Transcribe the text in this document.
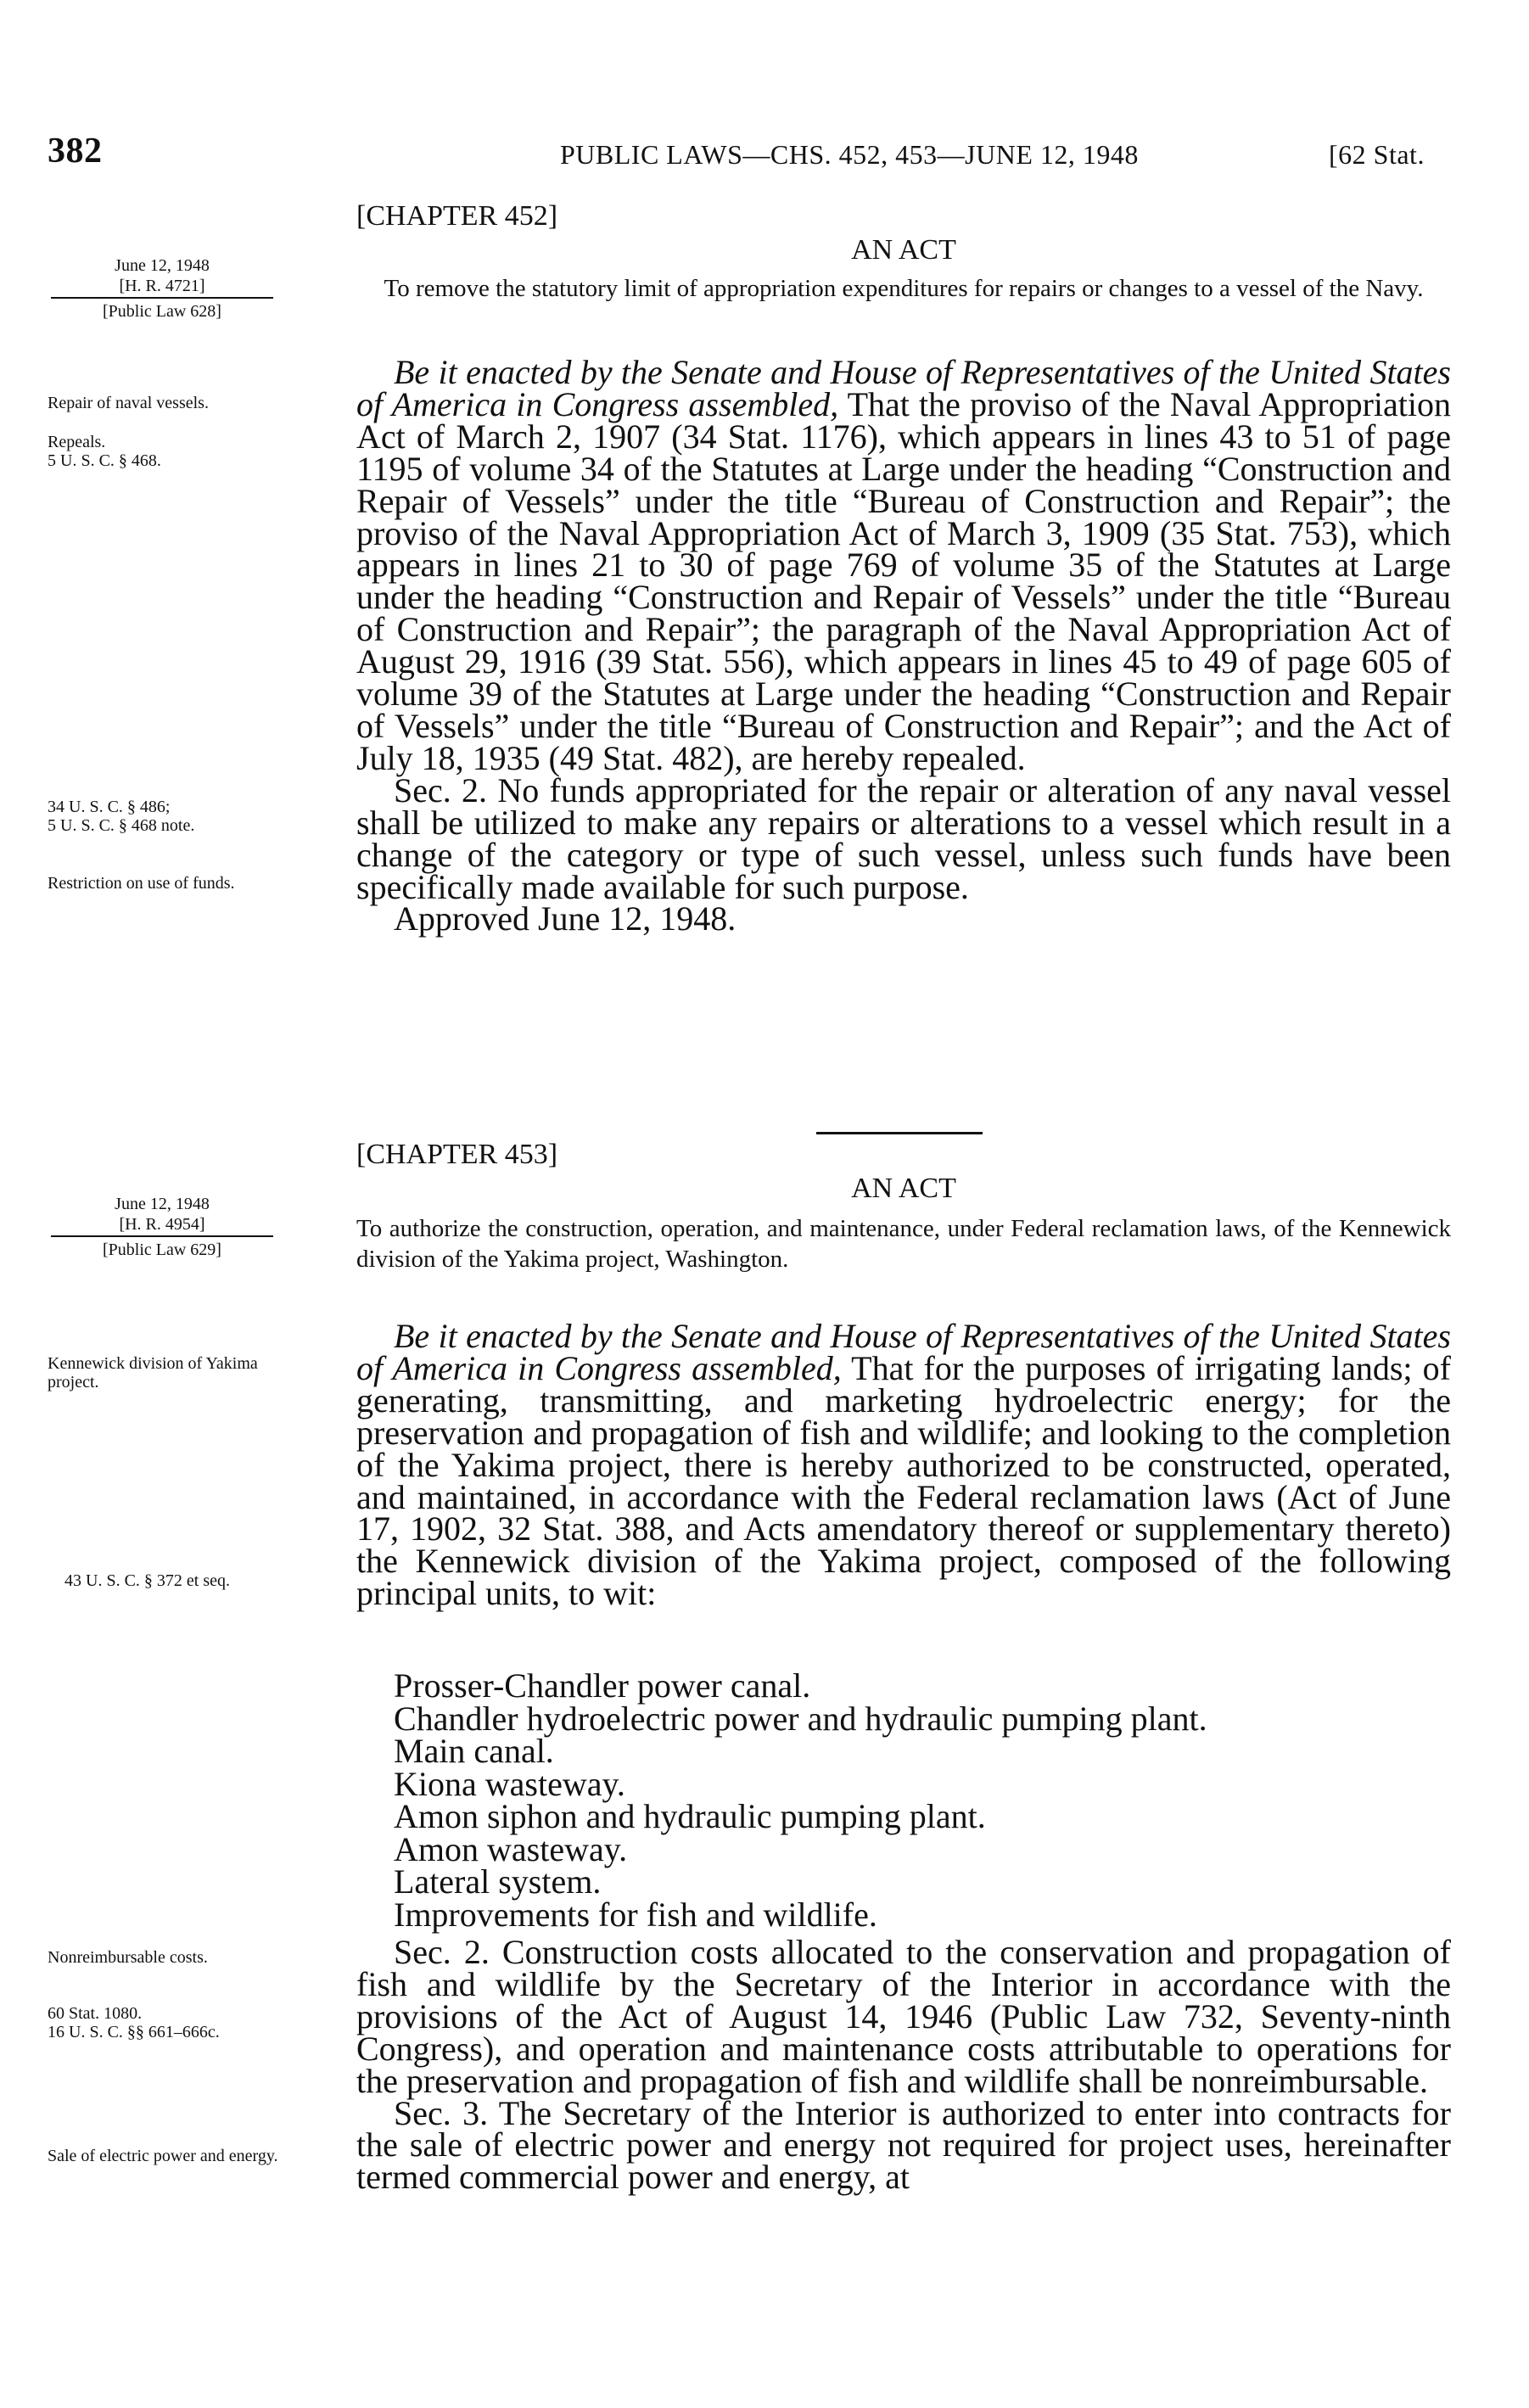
382	PUBLIC LAWS—CHS. 452, 453—JUNE 12, 1948	[62 Stat.
[CHAPTER 452]
AN ACT
June 12, 1948
[H. R. 4721]
[Public Law 628]
To remove the statutory limit of appropriation expenditures for repairs or changes to a vessel of the Navy.
Repair of naval vessels.
Repeals.
5 U. S. C. § 468.
34 U. S. C. § 486;
5 U. S. C. § 468 note.
Restriction on use of funds.

Be it enacted by the Senate and House of Representatives of the United States of America in Congress assembled, That the proviso of the Naval Appropriation Act of March 2, 1907 (34 Stat. 1176), which appears in lines 43 to 51 of page 1195 of volume 34 of the Statutes at Large under the heading “Construction and Repair of Vessels” under the title “Bureau of Construction and Repair”; the proviso of the Naval Appropriation Act of March 3, 1909 (35 Stat. 753), which appears in lines 21 to 30 of page 769 of volume 35 of the Statutes at Large under the heading “Construction and Repair of Vessels” under the title “Bureau of Construction and Repair”; the paragraph of the Naval Appropriation Act of August 29, 1916 (39 Stat. 556), which appears in lines 45 to 49 of page 605 of volume 39 of the Statutes at Large under the heading “Construction and Repair of Vessels” under the title “Bureau of Construction and Repair”; and the Act of July 18, 1935 (49 Stat. 482), are hereby repealed.

Sec. 2. No funds appropriated for the repair or alteration of any naval vessel shall be utilized to make any repairs or alterations to a vessel which result in a change of the category or type of such vessel, unless such funds have been specifically made available for such purpose.

Approved June 12, 1948.

[CHAPTER 453]
AN ACT
June 12, 1948
[H. R. 4954]
[Public Law 629]
To authorize the construction, operation, and maintenance, under Federal reclamation laws, of the Kennewick division of the Yakima project, Washington.
Kennewick division of Yakima project.
43 U. S. C. § 372 et seq.
Nonreimbursable costs.
60 Stat. 1080.
16 U. S. C. §§ 661–666c.
Sale of electric power and energy.

Be it enacted by the Senate and House of Representatives of the United States of America in Congress assembled, That for the purposes of irrigating lands; of generating, transmitting, and marketing hydroelectric energy; for the preservation and propagation of fish and wildlife; and looking to the completion of the Yakima project, there is hereby authorized to be constructed, operated, and maintained, in accordance with the Federal reclamation laws (Act of June 17, 1902, 32 Stat. 388, and Acts amendatory thereof or supplementary thereto) the Kennewick division of the Yakima project, composed of the following principal units, to wit:

Prosser-Chandler power canal.
Chandler hydroelectric power and hydraulic pumping plant.
Main canal.
Kiona wasteway.
Amon siphon and hydraulic pumping plant.
Amon wasteway.
Lateral system.
Improvements for fish and wildlife.

Sec. 2. Construction costs allocated to the conservation and propagation of fish and wildlife by the Secretary of the Interior in accordance with the provisions of the Act of August 14, 1946 (Public Law 732, Seventy-ninth Congress), and operation and maintenance costs attributable to operations for the preservation and propagation of fish and wildlife shall be nonreimbursable.

Sec. 3. The Secretary of the Interior is authorized to enter into contracts for the sale of electric power and energy not required for project uses, hereinafter termed commercial power and energy, at
